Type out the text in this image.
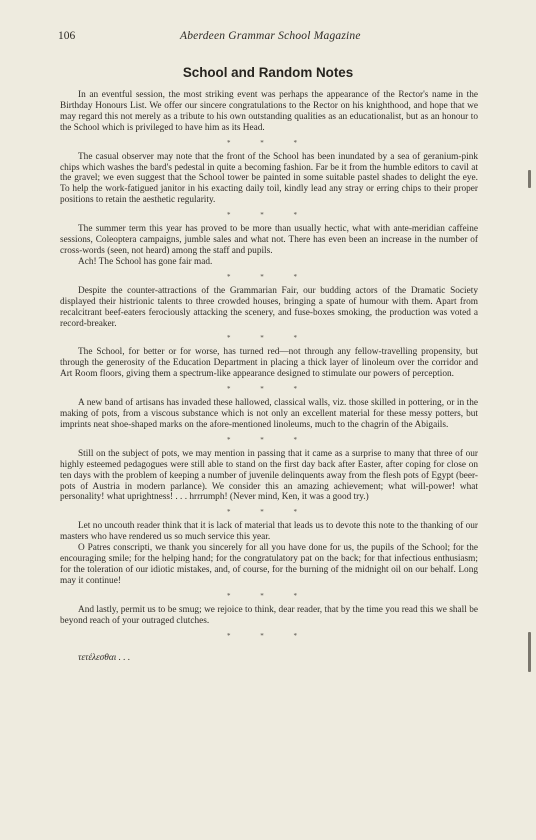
106	Aberdeen Grammar School Magazine
School and Random Notes

In an eventful session, the most striking event was perhaps the appearance of the Rector's name in the Birthday Honours List. We offer our sincere congratulations to the Rector on his knighthood, and hope that we may regard this not merely as a tribute to his own outstanding qualities as an educationalist, but as an honour to the School which is privileged to have him as its Head.

* * *

The casual observer may note that the front of the School has been inundated by a sea of geranium-pink chips which washes the bard's pedestal in quite a becoming fashion. Far be it from the humble editors to cavil at the gravel; we even suggest that the School tower be painted in some suitable pastel shades to delight the eye. To help the work-fatigued janitor in his exacting daily toil, kindly lead any stray or erring chips to their proper positions to retain the aesthetic regularity.

* * *

The summer term this year has proved to be more than usually hectic, what with ante-meridian caffeine sessions, Coleoptera campaigns, jumble sales and what not. There has even been an increase in the number of cross-words (seen, not heard) among the staff and pupils.

Ach! The School has gone fair mad.

* * *

Despite the counter-attractions of the Grammarian Fair, our budding actors of the Dramatic Society displayed their histrionic talents to three crowded houses, bringing a spate of humour with them. Apart from recalcitrant beef-eaters ferociously attacking the scenery, and fuse-boxes smoking, the production was voted a record-breaker.

* * *

The School, for better or for worse, has turned red—not through any fellow-travelling propensity, but through the generosity of the Education Department in placing a thick layer of linoleum over the corridor and Art Room floors, giving them a spectrum-like appearance designed to stimulate our powers of perception.

* * *

A new band of artisans has invaded these hallowed, classical walls, viz. those skilled in pottering, or in the making of pots, from a viscous substance which is not only an excellent material for these messy potters, but imprints neat shoe-shaped marks on the afore-mentioned linoleums, much to the chagrin of the Abigails.

* * *

Still on the subject of pots, we may mention in passing that it came as a surprise to many that three of our highly esteemed pedagogues were still able to stand on the first day back after Easter, after coping for close on ten days with the problem of keeping a number of juvenile delinquents away from the flesh pots of Egypt (beer-pots of Austria in modern parlance). We consider this an amazing achievement; what will-power! what personality! what uprightness! . . . hrrrumph! (Never mind, Ken, it was a good try.)

* * *

Let no uncouth reader think that it is lack of material that leads us to devote this note to the thanking of our masters who have rendered us so much service this year.

O Patres conscripti, we thank you sincerely for all you have done for us, the pupils of the School; for the encouraging smile; for the helping hand; for the congratulatory pat on the back; for that infectious enthusiasm; for the toleration of our idiotic mistakes, and, of course, for the burning of the midnight oil on our behalf. Long may it continue!

* * *

And lastly, permit us to be smug; we rejoice to think, dear reader, that by the time you read this we shall be beyond reach of your outraged clutches.

* * *
τετέλεσθαι . . .
